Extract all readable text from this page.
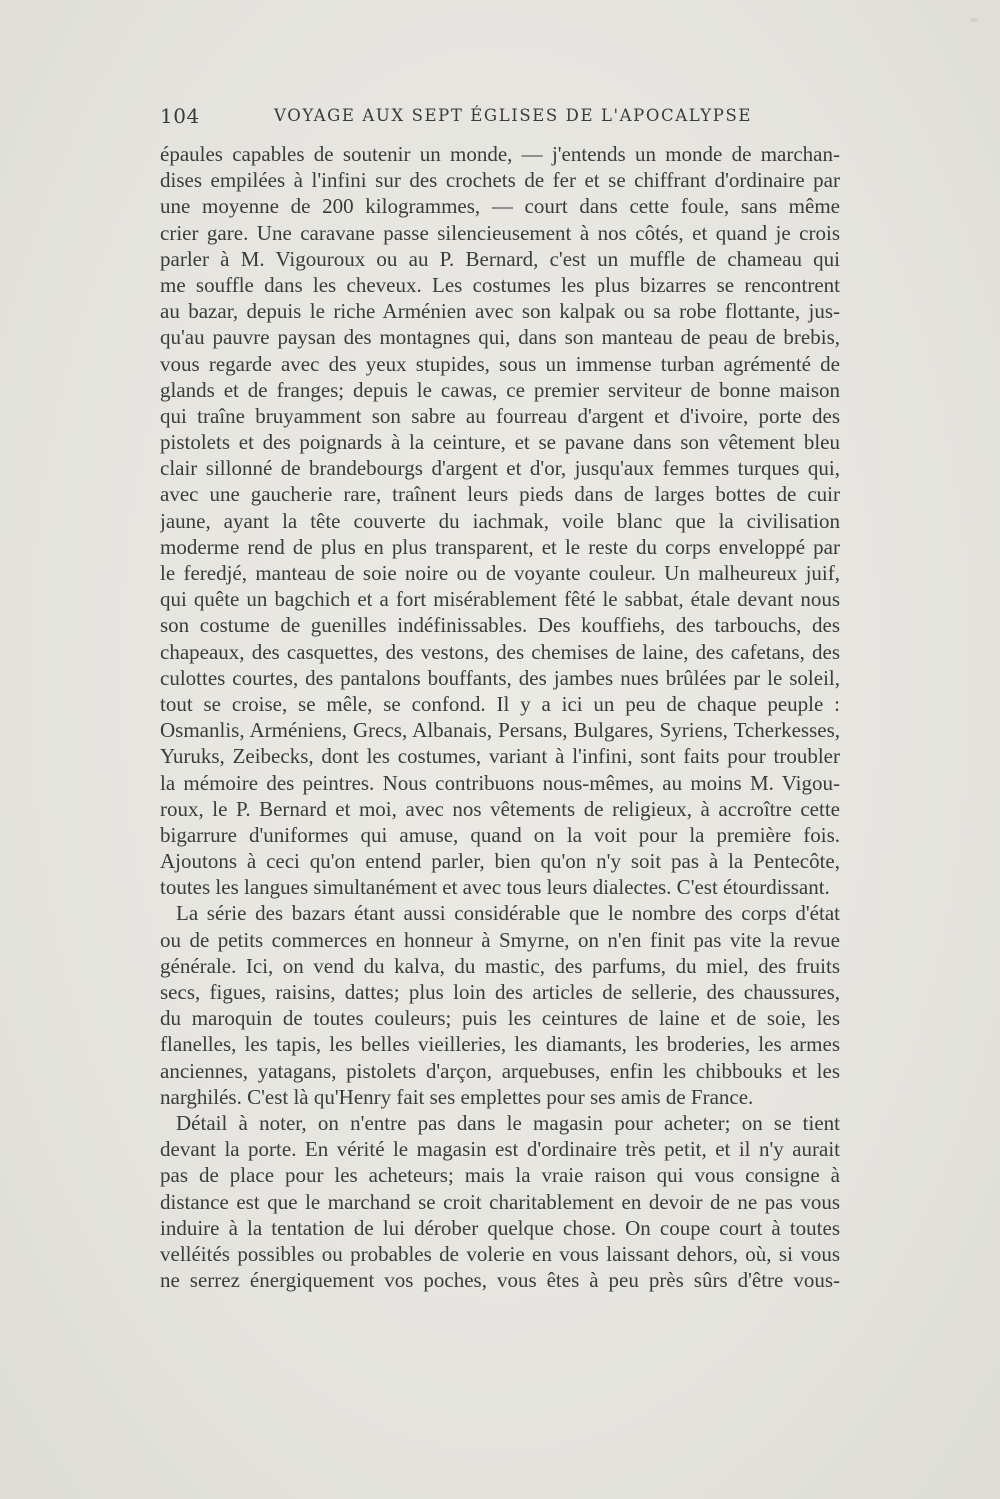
104	VOYAGE AUX SEPT ÉGLISES DE L'APOCALYPSE
épaules capables de soutenir un monde, — j'entends un monde de marchan-
dises empilées à l'infini sur des crochets de fer et se chiffrant d'ordinaire par
une moyenne de 200 kilogrammes, — court dans cette foule, sans même
crier gare. Une caravane passe silencieusement à nos côtés, et quand je crois
parler à M. Vigouroux ou au P. Bernard, c'est un muffle de chameau qui
me souffle dans les cheveux. Les costumes les plus bizarres se rencontrent
au bazar, depuis le riche Arménien avec son kalpak ou sa robe flottante, jus-
qu'au pauvre paysan des montagnes qui, dans son manteau de peau de brebis,
vous regarde avec des yeux stupides, sous un immense turban agrémenté de
glands et de franges; depuis le cawas, ce premier serviteur de bonne maison
qui traîne bruyamment son sabre au fourreau d'argent et d'ivoire, porte des
pistolets et des poignards à la ceinture, et se pavane dans son vêtement bleu
clair sillonné de brandebourgs d'argent et d'or, jusqu'aux femmes turques qui,
avec une gaucherie rare, traînent leurs pieds dans de larges bottes de cuir
jaune, ayant la tête couverte du iachmak, voile blanc que la civilisation
moderme rend de plus en plus transparent, et le reste du corps enveloppé par
le feredjé, manteau de soie noire ou de voyante couleur. Un malheureux juif,
qui quête un bagchich et a fort misérablement fêté le sabbat, étale devant nous
son costume de guenilles indéfinissables. Des kouffiehs, des tarbouchs, des
chapeaux, des casquettes, des vestons, des chemises de laine, des cafetans, des
culottes courtes, des pantalons bouffants, des jambes nues brûlées par le soleil,
tout se croise, se mêle, se confond. Il y a ici un peu de chaque peuple :
Osmanlis, Arméniens, Grecs, Albanais, Persans, Bulgares, Syriens, Tcherkesses,
Yuruks, Zeibecks, dont les costumes, variant à l'infini, sont faits pour troubler
la mémoire des peintres. Nous contribuons nous-mêmes, au moins M. Vigou-
roux, le P. Bernard et moi, avec nos vêtements de religieux, à accroître cette
bigarrure d'uniformes qui amuse, quand on la voit pour la première fois.
Ajoutons à ceci qu'on entend parler, bien qu'on n'y soit pas à la Pentecôte,
toutes les langues simultanément et avec tous leurs dialectes. C'est étourdissant.
La série des bazars étant aussi considérable que le nombre des corps d'état
ou de petits commerces en honneur à Smyrne, on n'en finit pas vite la revue
générale. Ici, on vend du kalva, du mastic, des parfums, du miel, des fruits
secs, figues, raisins, dattes; plus loin des articles de sellerie, des chaussures,
du maroquin de toutes couleurs; puis les ceintures de laine et de soie, les
flanelles, les tapis, les belles vieilleries, les diamants, les broderies, les armes
anciennes, yatagans, pistolets d'arçon, arquebuses, enfin les chibbouks et les
narghilés. C'est là qu'Henry fait ses emplettes pour ses amis de France.
Détail à noter, on n'entre pas dans le magasin pour acheter; on se tient
devant la porte. En vérité le magasin est d'ordinaire très petit, et il n'y aurait
pas de place pour les acheteurs; mais la vraie raison qui vous consigne à
distance est que le marchand se croit charitablement en devoir de ne pas vous
induire à la tentation de lui dérober quelque chose. On coupe court à toutes
velléités possibles ou probables de volerie en vous laissant dehors, où, si vous
ne serrez énergiquement vos poches, vous êtes à peu près sûrs d'être vous-
